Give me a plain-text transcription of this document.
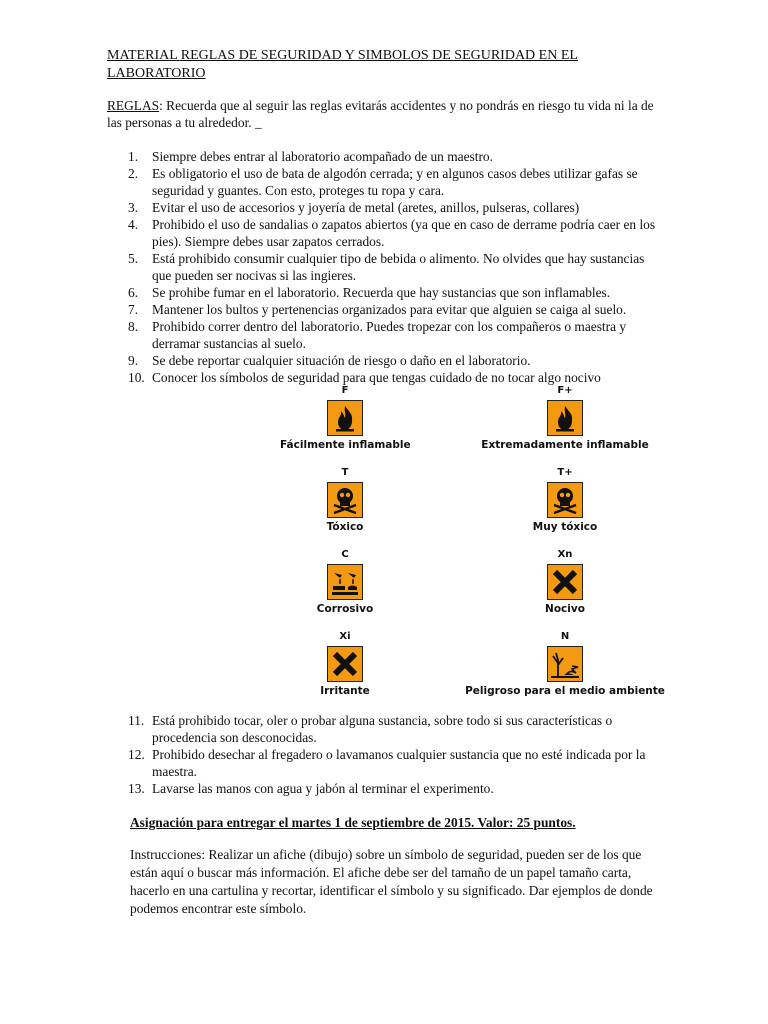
MATERIAL REGLAS DE SEGURIDAD Y SIMBOLOS DE SEGURIDAD EN EL LABORATORIO

REGLAS: Recuerda que al seguir las reglas evitarás accidentes y no pondrás en riesgo tu vida ni la de las personas a tu alrededor. _

1. Siempre debes entrar al laboratorio acompañado de un maestro.
2. Es obligatorio el uso de bata de algodón cerrada; y en algunos casos debes utilizar gafas se seguridad y guantes. Con esto, proteges tu ropa y cara.
3. Evitar el uso de accesorios y joyería de metal (aretes, anillos, pulseras, collares)
4. Prohibido el uso de sandalias o zapatos abiertos (ya que en caso de derrame podría caer en los pies). Siempre debes usar zapatos cerrados.
5. Está prohibido consumir cualquier tipo de bebida o alimento. No olvides que hay sustancias que pueden ser nocivas si las ingieres.
6. Se prohibe fumar en el laboratorio. Recuerda que hay sustancias que son inflamables.
7. Mantener los bultos y pertenencias organizados para evitar que alguien se caiga al suelo.
8. Prohibido correr dentro del laboratorio. Puedes tropezar con los compañeros o maestra y derramar sustancias al suelo.
9. Se debe reportar cualquier situación de riesgo o daño en el laboratorio.
10. Conocer los símbolos de seguridad para que tengas cuidado de no tocar algo nocivo
F
Fácilmente inflamable
F+
Extremadamente inflamable
T
Tóxico
T+
Muy tóxico
C
Corrosivo
Xn
Nocivo
Xi
Irritante
N
Peligroso para el medio ambiente
11. Está prohibido tocar, oler o probar alguna sustancia, sobre todo si sus características o procedencia son desconocidas.
12. Prohibido desechar al fregadero o lavamanos cualquier sustancia que no esté indicada por la maestra.
13. Lavarse las manos con agua y jabón al terminar el experimento.

Asignación para entregar el martes 1 de septiembre de 2015. Valor: 25 puntos.

Instrucciones: Realizar un afiche (dibujo) sobre un símbolo de seguridad, pueden ser de los que están aquí o buscar más información. El afiche debe ser del tamaño de un papel tamaño carta, hacerlo en una cartulina y recortar, identificar el símbolo y su significado. Dar ejemplos de donde podemos encontrar este símbolo.
